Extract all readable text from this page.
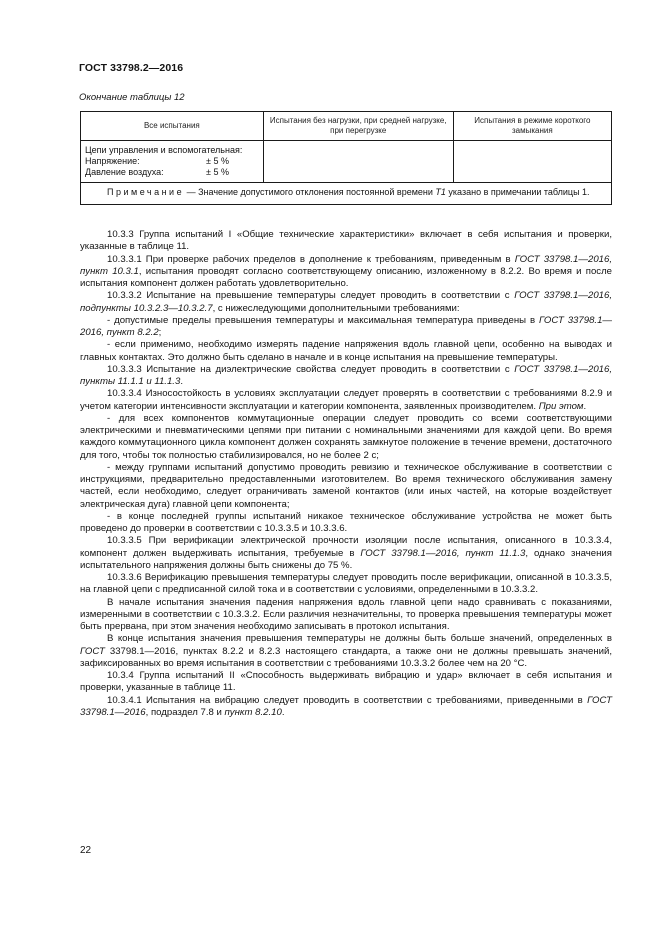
ГОСТ 33798.2—2016
Окончание таблицы 12
Все испытания	Испытания без нагрузки, при средней нагрузке, при перегрузке	Испытания в режиме короткого замыкания

Цепи управления и вспомогательная:
Напряжение: ± 5 %
Давление воздуха: ± 5 %		

Примечание — Значение допустимого отклонения постоянной времени T1 указано в примечании таблицы 1.		

10.3.3 Группа испытаний I «Общие технические характеристики» включает в себя испытания и проверки, указанные в таблице 11.

10.3.3.1 При проверке рабочих пределов в дополнение к требованиям, приведенным в ГОСТ 33798.1—2016, пункт 10.3.1, испытания проводят согласно соответствующему описанию, изложенному в 8.2.2. Во время и после испытания компонент должен работать удовлетворительно.

10.3.3.2 Испытание на превышение температуры следует проводить в соответствии с ГОСТ 33798.1—2016, подпункты 10.3.2.3—10.3.2.7, с нижеследующими дополнительными требованиями:

- допустимые пределы превышения температуры и максимальная температура приведены в ГОСТ 33798.1—2016, пункт 8.2.2;

- если применимо, необходимо измерять падение напряжения вдоль главной цепи, особенно на выводах и главных контактах. Это должно быть сделано в начале и в конце испытания на превышение температуры.

10.3.3.3 Испытание на диэлектрические свойства следует проводить в соответствии с ГОСТ 33798.1—2016, пункты 11.1.1 и 11.1.3.

10.3.3.4 Износостойкость в условиях эксплуатации следует проверять в соответствии с требованиями 8.2.9 и учетом категории интенсивности эксплуатации и категории компонента, заявленных производителем. При этом.

- для всех компонентов коммутационные операции следует проводить со всеми соответствующими электрическими и пневматическими цепями при питании с номинальными значениями для каждой цепи. Во время каждого коммутационного цикла компонент должен сохранять замкнутое положение в течение времени, достаточного для того, чтобы ток полностью стабилизировался, но не более 2 с;

- между группами испытаний допустимо проводить ревизию и техническое обслуживание в соответствии с инструкциями, предварительно предоставленными изготовителем. Во время технического обслуживания замену частей, если необходимо, следует ограничивать заменой контактов (или иных частей, на которые воздействует электрическая дуга) главной цепи компонента;

- в конце последней группы испытаний никакое техническое обслуживание устройства не может быть проведено до проверки в соответствии с 10.3.3.5 и 10.3.3.6.

10.3.3.5 При верификации электрической прочности изоляции после испытания, описанного в 10.3.3.4, компонент должен выдерживать испытания, требуемые в ГОСТ 33798.1—2016, пункт 11.1.3, однако значения испытательного напряжения должны быть снижены до 75 %.

10.3.3.6 Верификацию превышения температуры следует проводить после верификации, описанной в 10.3.3.5, на главной цепи с предписанной силой тока и в соответствии с условиями, определенными в 10.3.3.2.

В начале испытания значения падения напряжения вдоль главной цепи надо сравнивать с показаниями, измеренными в соответствии с 10.3.3.2. Если различия незначительны, то проверка превышения температуры может быть прервана, при этом значения необходимо записывать в протокол испытания.

В конце испытания значения превышения температуры не должны быть больше значений, определенных в ГОСТ 33798.1—2016, пунктах 8.2.2 и 8.2.3 настоящего стандарта, а также они не должны превышать значений, зафиксированных во время испытания в соответствии с требованиями 10.3.3.2 более чем на 20 °С.

10.3.4 Группа испытаний II «Способность выдерживать вибрацию и удар» включает в себя испытания и проверки, указанные в таблице 11.

10.3.4.1 Испытания на вибрацию следует проводить в соответствии с требованиями, приведенными в ГОСТ 33798.1—2016, подраздел 7.8 и пункт 8.2.10.

22
